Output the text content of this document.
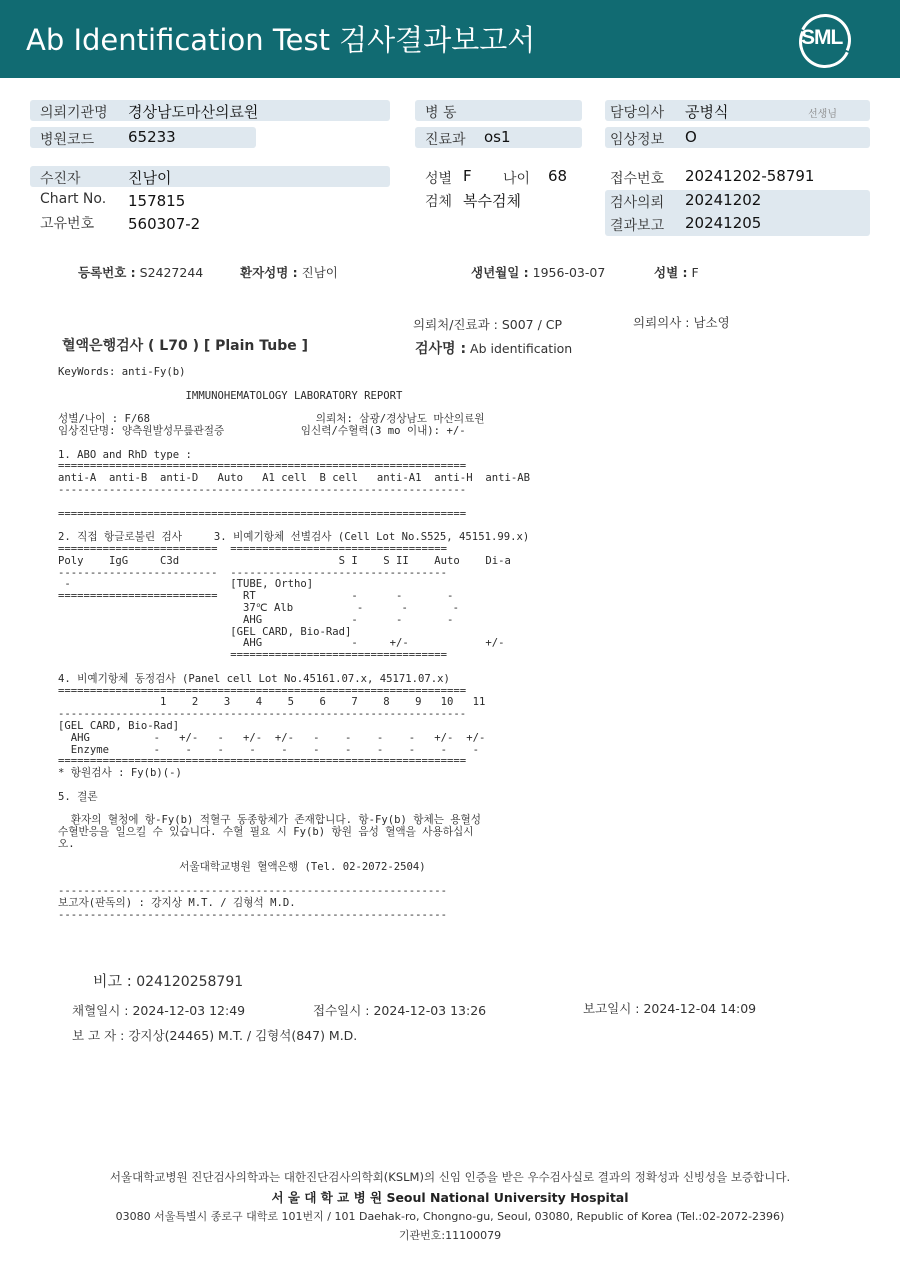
Ab Identification Test 검사결과보고서	SML
의뢰기관명 경상남도마산의료원	병 동	담당의사 공병식	선생님
병원코드 65233	진료과 os1	임상정보 O
수진자	진남이	성별 F 나이 68	접수번호 20241202-58791
Chart No. 157815	검체 복수검체	검사의뢰 20241202
고유번호 560307-2	결과보고 20241205
등록번호 : S2427244	환자성명 : 진남이	생년월일 : 1956-03-07	성별 : F
의뢰처/진료과 : S007 / CP	의뢰의사 : 남소영
혈액은행검사 ( L70 ) [ Plain Tube ]	검사명 : Ab identification
KeyWords: anti-Fy(b)

IMMUNOHEMATOLOGY LABORATORY REPORT

성별/나이 : F/68                          의뢰처: 삼광/경상남도 마산의료원
임상진단명: 양측원발성무릎관절증            임신력/수혈력(3 mo 이내): +/-

1. ABO and RhD type :
================================================================
anti-A  anti-B  anti-D   Auto   A1 cell  B cell   anti-A1  anti-H  anti-AB
----------------------------------------------------------------

================================================================

2. 직접 항글로불린 검사     3. 비예기항체 선별검사 (Cell Lot No.S525, 45151.99.x)
=========================  ==================================
Poly    IgG     C3d                         S I    S II    Auto    Di-a
-------------------------  ----------------------------------
-                         [TUBE, Ortho]
=========================    RT               -      -       -
37℃ Alb          -      -       -
AHG              -      -       -
[GEL CARD, Bio-Rad]
AHG              -     +/-            +/-
==================================

4. 비예기항체 동정검사 (Panel cell Lot No.45161.07.x, 45171.07.x)
================================================================
1    2    3    4    5    6    7    8    9   10   11
----------------------------------------------------------------
[GEL CARD, Bio-Rad]
AHG          -   +/-   -   +/-  +/-   -    -    -    -   +/-  +/-
Enzyme       -    -    -    -    -    -    -    -    -    -    -
================================================================
* 항원검사 : Fy(b)(-)

5. 결론

환자의 혈청에 항-Fy(b) 적혈구 동종항체가 존재합니다. 항-Fy(b) 항체는 용혈성
수혈반응을 일으킬 수 있습니다. 수혈 필요 시 Fy(b) 항원 음성 혈액을 사용하십시
오.

서울대학교병원 혈액은행 (Tel. 02-2072-2504)

-------------------------------------------------------------
보고자(판독의) : 강지상 M.T. / 김형석 M.D.
-------------------------------------------------------------
비고 : 024120258791
채혈일시 : 2024-12-03 12:49	접수일시 : 2024-12-03 13:26	보고일시 : 2024-12-04 14:09
보 고 자 : 강지상(24465) M.T. / 김형석(847) M.D.
서울대학교병원 진단검사의학과는 대한진단검사의학회(KSLM)의 신임 인증을 받은 우수검사실로 결과의 정확성과 신빙성을 보증합니다.
서 울 대 학 교 병 원 Seoul National University Hospital
03080 서울특별시 종로구 대학로 101번지 / 101 Daehak-ro, Chongno-gu, Seoul, 03080, Republic of Korea (Tel.:02-2072-2396)
기관번호:11100079
